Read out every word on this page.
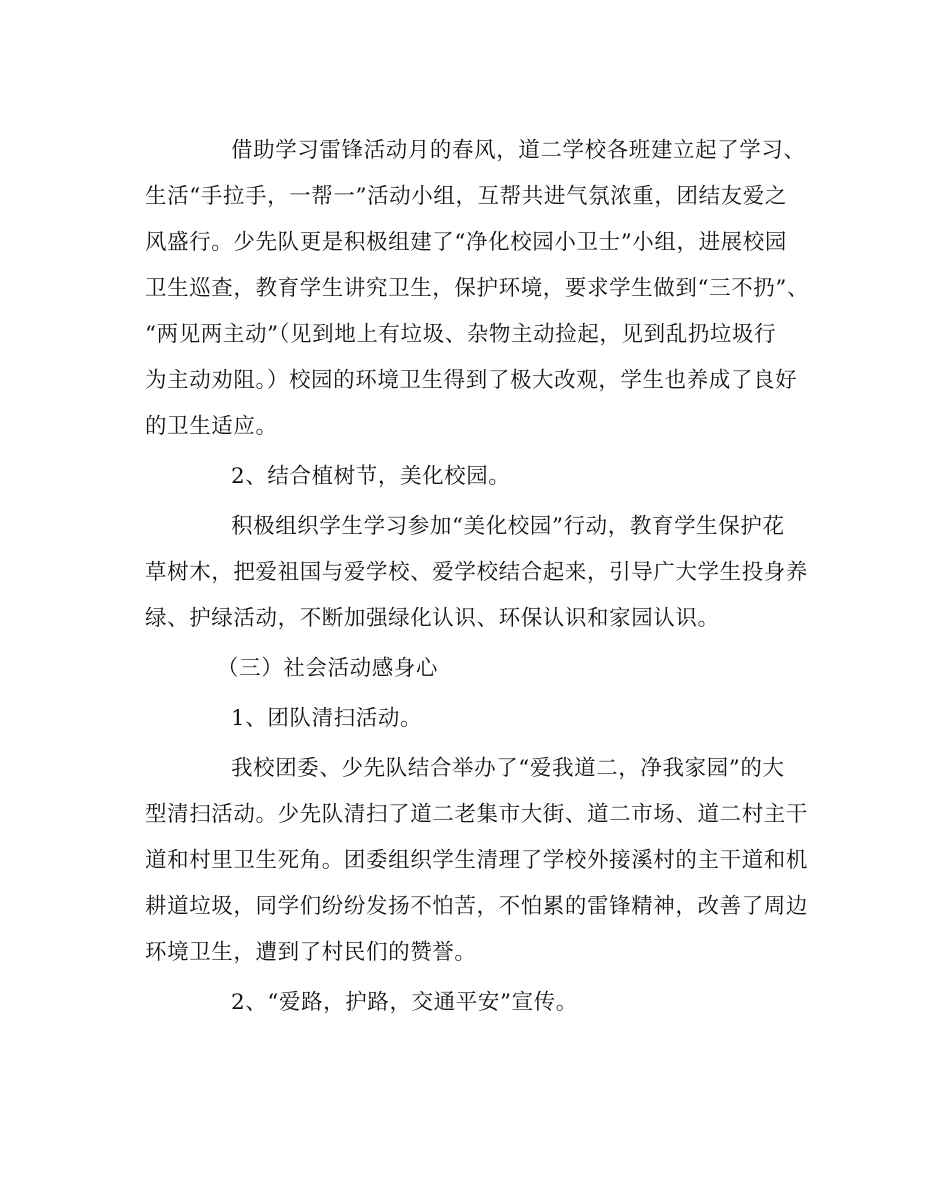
借助学习雷锋活动月的春风，道二学校各班建立起了学习、
生活“手拉手，一帮一”活动小组，互帮共进气氛浓重，团结友爱之
风盛行。少先队更是积极组建了“净化校园小卫士”小组，进展校园
卫生巡查，教育学生讲究卫生，保护环境，要求学生做到“三不扔”、
“两见两主动”（见到地上有垃圾、杂物主动捡起，见到乱扔垃圾行
为主动劝阻。）校园的环境卫生得到了极大改观，学生也养成了良好
的卫生适应。

2、结合植树节，美化校园。

积极组织学生学习参加“美化校园”行动，教育学生保护花
草树木，把爱祖国与爱学校、爱学校结合起来，引导广大学生投身养
绿、护绿活动，不断加强绿化认识、环保认识和家园认识。

（三）社会活动感身心

1、团队清扫活动。

我校团委、少先队结合举办了“爱我道二，净我家园”的大
型清扫活动。少先队清扫了道二老集市大街、道二市场、道二村主干
道和村里卫生死角。团委组织学生清理了学校外接溪村的主干道和机
耕道垃圾，同学们纷纷发扬不怕苦，不怕累的雷锋精神，改善了周边
环境卫生，遭到了村民们的赞誉。

2、“爱路，护路，交通平安”宣传。
